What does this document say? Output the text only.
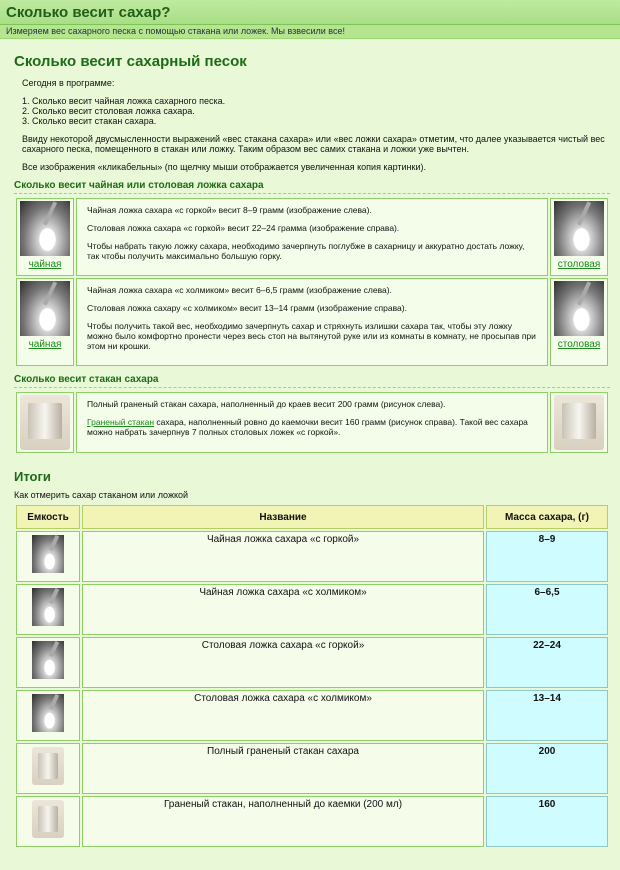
Сколько весит сахар?
Измеряем вес сахарного песка с помощью стакана или ложек. Мы взвесили все!
Сколько весит сахарный песок

Сегодня в программе:

1. Сколько весит чайная ложка сахарного песка.
2. Сколько весит столовая ложка сахара.
3. Сколько весит стакан сахара.

Ввиду некоторой двусмысленности выражений «вес стакана сахара» или «вес ложки сахара» отметим, что далее указывается чистый вес сахарного песка, помещенного в стакан или ложку. Таким образом вес самих стакана и ложки уже вычтен.

Все изображения «кликабельны» (по щелчку мыши отображается увеличенная копия картинки).

Сколько весит чайная или столовая ложка сахара
чайная	Чайная ложка сахара «с горкой» весит 8–9 грамм (изображение слева).

Столовая ложка сахара «с горкой» весит 22–24 грамма (изображение справа).

Чтобы набрать такую ложку сахара, необходимо зачерпнуть поглубже в сахарницу и аккуратно достать ложку, так чтобы получить максимально большую горку.	столовая

чайная	Чайная ложка сахара «с холмиком» весит 6–6,5 грамм (изображение слева).

Столовая ложка сахару «с холмиком» весит 13–14 грамм (изображение справа).

Чтобы получить такой вес, необходимо зачерпнуть сахар и стряхнуть излишки сахара так, чтобы эту ложку можно было комфортно пронести через весь стоп на вытянутой руке или из комнаты в комнату, не просыпав при этом ни крошки.	столовая
Сколько весит стакан сахара

Полный граненый стакан сахара, наполненный до краев весит 200 грамм (рисунок слева).

Граненый стакан сахара, наполненный ровно до каемочки весит 160 грамм (рисунок справа). Такой вес сахара можно набрать зачерпнув 7 полных столовых ложек «с горкой».

Итоги
Как отмерить сахар стаканом или ложкой
Емкость	Название	Масса сахара, (г)

	Чайная ложка сахара «с горкой»	8–9

	Чайная ложка сахара «с холмиком»	6–6,5

	Столовая ложка сахара «с горкой»	22–24

	Столовая ложка сахара «с холмиком»	13–14

	Полный граненый стакан сахара	200

	Граненый стакан, наполненный до каемки (200 мл)	160
